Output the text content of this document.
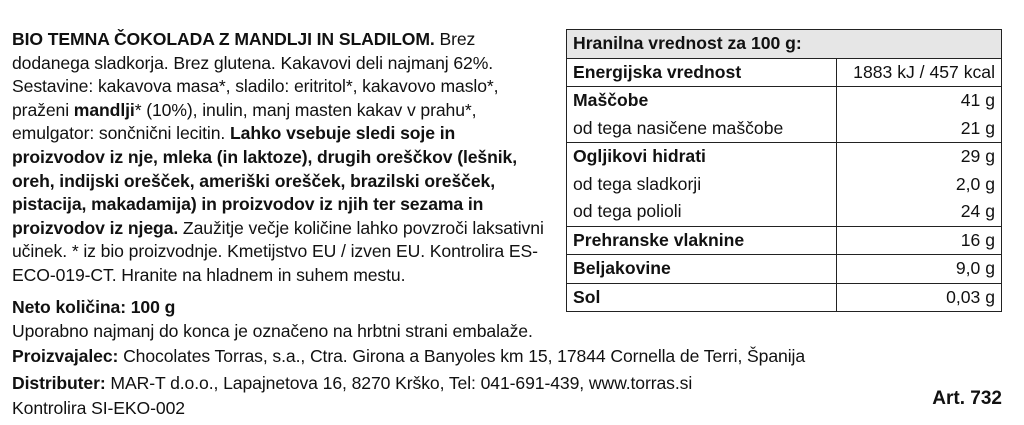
BIO TEMNA ČOKOLADA Z MANDLJI IN SLADILOM. Brez dodanega sladkorja. Brez glutena. Kakavovi deli najmanj 62%. Sestavine: kakavova masa*, sladilo: eritritol*, kakavovo maslo*, praženi mandlji* (10%), inulin, manj masten kakav v prahu*, emulgator: sončnični lecitin. Lahko vsebuje sledi soje in proizvodov iz nje, mleka (in laktoze), drugih oreščkov (lešnik, oreh, indijski orešček, ameriški orešček, brazilski orešček, pistacija, makadamija) in proizvodov iz njih ter sezama in proizvodov iz njega. Zaužitje večje količine lahko povzroči laksativni učinek. * iz bio proizvodnje. Kmetijstvo EU / izven EU. Kontrolira ES-ECO-019-CT. Hranite na hladnem in suhem mestu.
Neto količina: 100 g
Uporabno najmanj do konca je označeno na hrbtni strani embalaže.
Proizvajalec: Chocolates Torras, s.a., Ctra. Girona a Banyoles km 15, 17844 Cornella de Terri, Španija
Distributer: MAR-T d.o.o., Lapajnetova 16, 8270 Krško, Tel: 041-691-439, www.torras.si
Kontrolira SI-EKO-002	Art. 732
Hranilna vrednost za 100 g:	
Energijska vrednost	1883 kJ / 457 kcal
Maščobe	41 g
od tega nasičene maščobe	21 g
Ogljikovi hidrati	29 g
od tega sladkorji	2,0 g
od tega polioli	24 g
Prehranske vlaknine	16 g
Beljakovine	9,0 g
Sol	0,03 g
